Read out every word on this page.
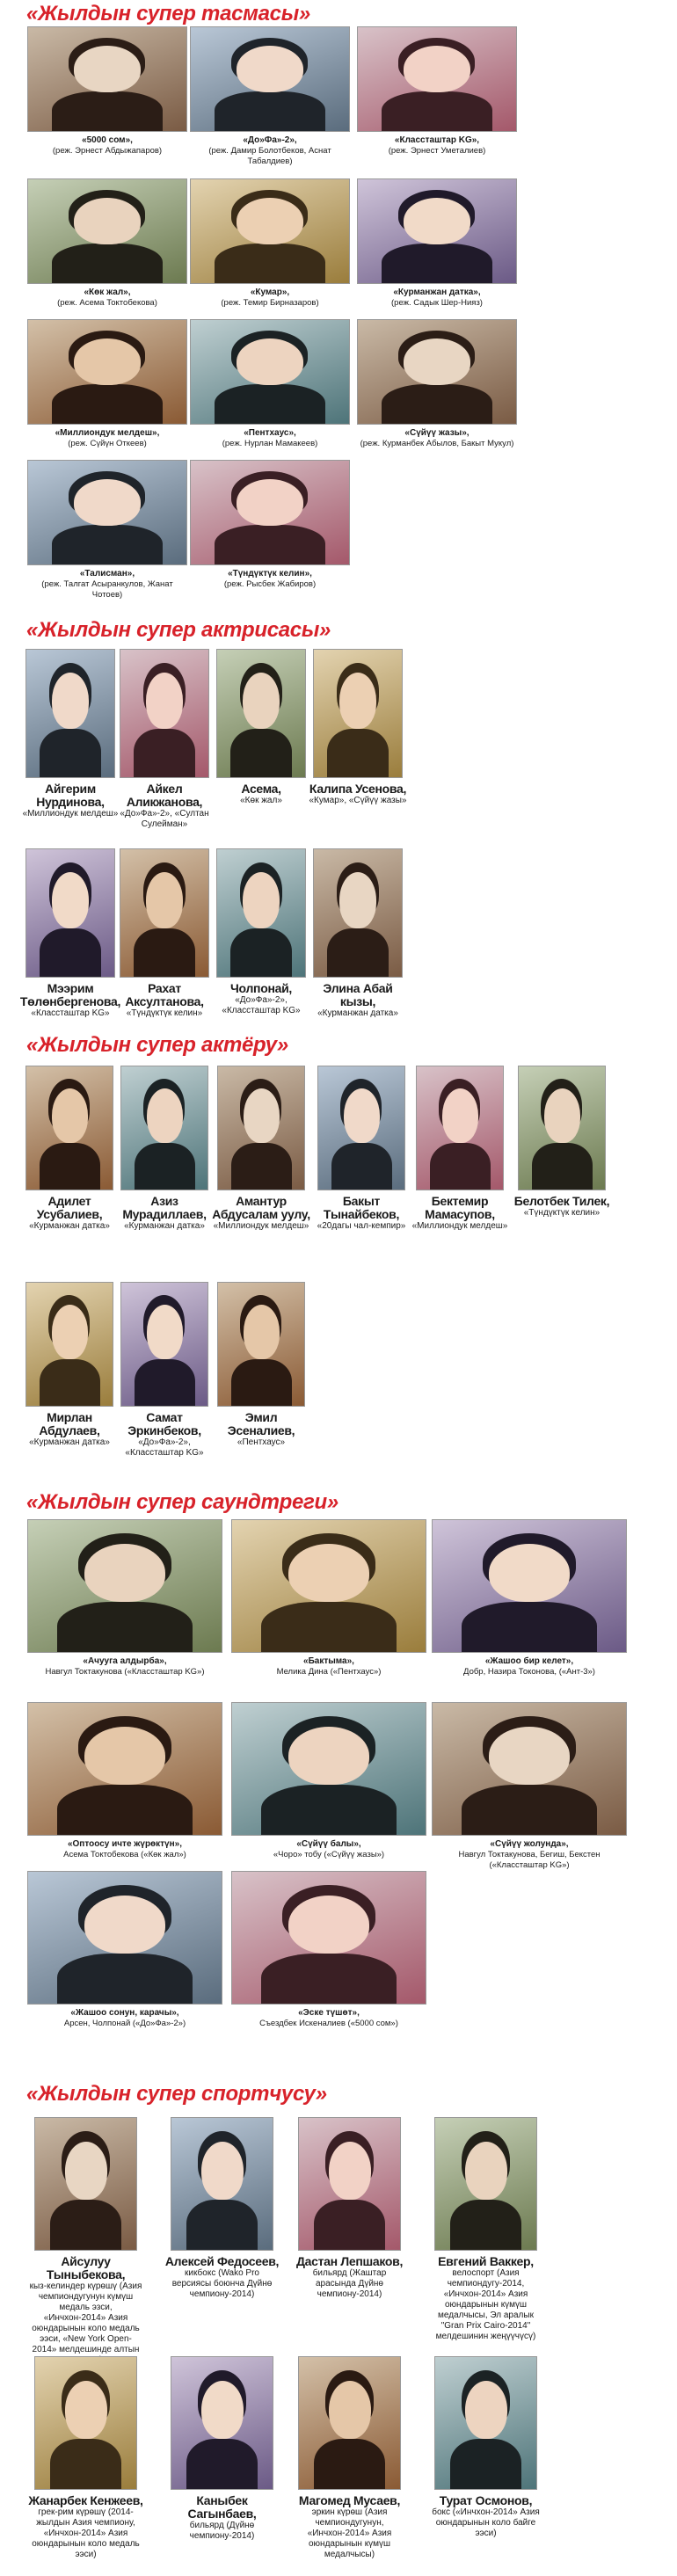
«Жылдын супер тасмасы»
«5000 сом»,
(реж. Эрнест Абдыжапаров)
«До»Фа»-2»,
(реж. Дамир Болотбеков, Аснат Табалдиев)
«Классташтар KG»,
(реж. Эрнест Уметалиев)
«Көк жал»,
(реж. Асема Токтобекова)
«Кумар»,
(реж. Темир Бирназаров)
«Курманжан датка»,
(реж. Садык Шер-Нияз)
«Миллиондук мелдеш»,
(реж. Сүйүн Откеев)
«Пентхаус»,
(реж. Нурлан Мамакеев)
«Сүйүү жазы»,
(реж. Курманбек Абылов, Бакыт Мукул)
«Талисман»,
(реж. Талгат Асыранкулов, Жанат Чотоев)
«Түндүктүк келин»,
(реж. Рысбек Жабиров)
«Жылдын супер актрисасы»
Айгерим Нурдинова,
«Миллиондук мелдеш»
Айкел Аликжанова,
«До»Фа»-2», «Султан Сулейман»
Асема,
«Көк жал»
Калипа Усенова,
«Кумар», «Сүйүү жазы»
Мээрим Төлөнбергенова,
«Классташтар KG»
Рахат Аксултанова,
«Түндүктүк келин»
Чолпонай,
«До»Фа»-2», «Классташтар KG»
Элина Абай кызы,
«Курманжан датка»
«Жылдын супер актёру»
Адилет Усубалиев,
«Курманжан датка»
Азиз Мурадиллаев,
«Курманжан датка»
Амантур Абдусалам уулу,
«Миллиондук мелдеш»
Бакыт Тынайбеков,
«20дагы чал-кемпир»
Бектемир Мамасупов,
«Миллиондук мелдеш»
Белотбек Тилек,
«Түндүктүк келин»
Мирлан Абдулаев,
«Курманжан датка»
Самат Эркинбеков,
«До»Фа»-2», «Классташтар KG»
Эмил Эсеналиев,
«Пентхаус»
«Жылдын супер саундтреги»
«Ачууга алдырба»,
Навгул Токтакунова («Классташтар KG»)
«Бактыма»,
Мелика Дина («Пентхаус»)
«Жашоо бир келет»,
Добр, Назира Токонова, («Ант-3»)
«Оптоосу ичте жүрөктүн»,
Асема Токтобекова («Көк жал»)
«Сүйүү балы»,
«Чоро» тобу («Сүйүү жазы»)
«Сүйүү жолунда»,
Навгул Токтакунова, Бегиш, Бекстен («Классташтар KG»)
«Жашоо сонун, карачы»,
Арсен, Чолпонай («До»Фа»-2»)
«Эске түшөт»,
Съездбек Искеналиев («5000 сом»)
«Жылдын супер спортчусу»
Айсулуу Тыныбекова,
кыз-келиндер күрөшү (Азия чемпиондугунун күмүш медаль эзси, «Инчхон-2014» Азия оюндарынын коло медаль ээси, «New York Open-2014» мелдешинде алтын
Алексей Федосеев,
кикбокс (Wako Pro версиясы боюнча Дүйнө чемпиону-2014)
Дастан Лепшаков,
бильярд (Жаштар арасында Дүйнө чемпиону-2014)
Евгений Ваккер,
велоспорт (Азия чемпиондугу-2014, «Инчхон-2014» Азия оюндарынын күмүш медалчысы, Эл аралык "Gran Prix Cairo-2014" мелдешинин жеңүүчүсү)
Жанарбек Кенжеев,
грек-рим күрөшү (2014-жылдын Азия чемпиону, «Инчхон-2014» Азия оюндарынын коло медаль ээси)
Каныбек Сагынбаев,
бильярд (Дүйнө чемпиону-2014)
Магомед Мусаев,
эркин күрөш (Азия чемпиондугунун, «Инчхон-2014» Азия оюндарынын күмүш медалчысы)
Турат Осмонов,
бокс («Инчхон-2014» Азия оюндарынын коло байге ээси)
